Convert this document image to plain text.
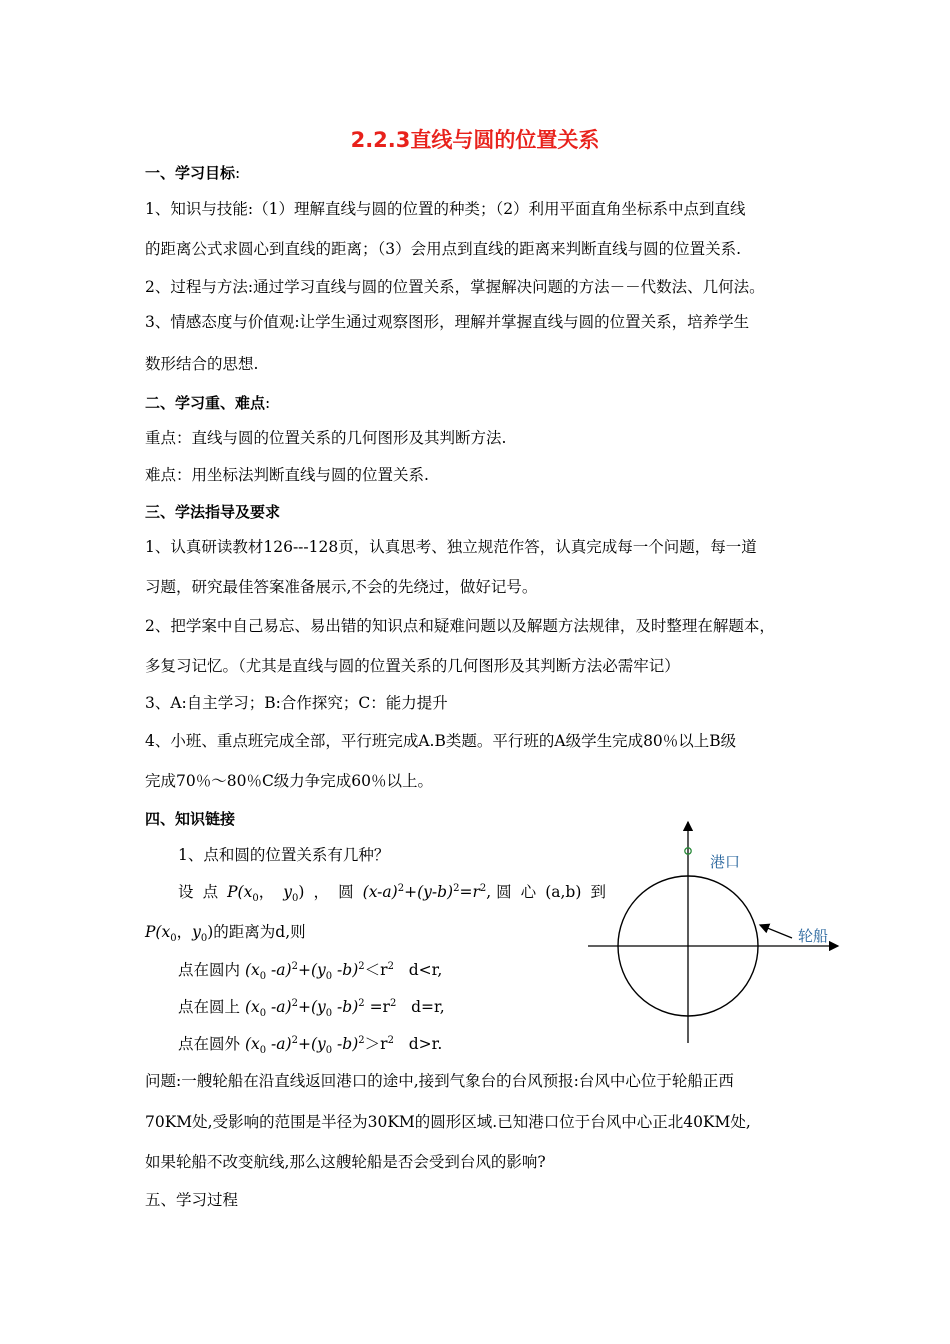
2.2.3直线与圆的位置关系
一、学习目标:
1、知识与技能:（1）理解直线与圆的位置的种类；（2）利用平面直角坐标系中点到直线
的距离公式求圆心到直线的距离；（3）会用点到直线的距离来判断直线与圆的位置关系.
2、过程与方法:通过学习直线与圆的位置关系，掌握解决问题的方法－－代数法、几何法。
3、情感态度与价值观:让学生通过观察图形，理解并掌握直线与圆的位置关系，培养学生
数形结合的思想.
二、学习重、难点:
重点：直线与圆的位置关系的几何图形及其判断方法.
难点：用坐标法判断直线与圆的位置关系.
三、学法指导及要求
1、认真研读教材126---128页，认真思考、独立规范作答，认真完成每一个问题，每一道
习题，研究最佳答案准备展示,不会的先绕过，做好记号。
2、把学案中自己易忘、易出错的知识点和疑难问题以及解题方法规律，及时整理在解题本，
多复习记忆。（尤其是直线与圆的位置关系的几何图形及其判断方法必需牢记）
3、A:自主学习；B:合作探究；C：能力提升
4、小班、重点班完成全部，平行班完成A.B类题。平行班的A级学生完成80％以上B级
完成70％～80％C级力争完成60％以上。
四、知识链接
1、点和圆的位置关系有几种？
设 点 $P(x_0$， $y_0$) ， 圆 $(x-a)^2+(y-b)^2=r^2$, 圆 心 (a,b) 到
$P(x_0$，$y_0$)的距离为d,则
点在圆内 ($x_0$ $-a)^2+(y_0$ $-b)^2<r^2$ d<r,
点在圆上 ($x_0$ $-a)^2+(y_0$ $-b)^2 =r^2$ d=r,
点在圆外 ($x_0$ $-a)^2+(y_0$ $-b)^2>r^2$ d>r.
问题:一艘轮船在沿直线返回港口的途中,接到气象台的台风预报:台风中心位于轮船正西
70KM处,受影响的范围是半径为30KM的圆形区域.已知港口位于台风中心正北40KM处,
如果轮船不改变航线,那么这艘轮船是否会受到台风的影响?
五、学习过程
港口
轮船
